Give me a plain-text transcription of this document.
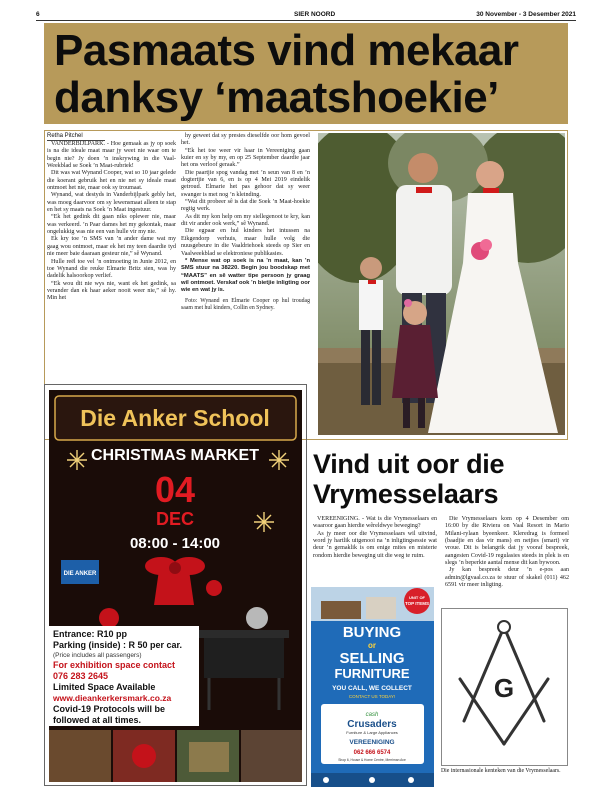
6	SIER NOORD	30 November - 3 Desember 2021
Pasmaats vind mekaar
danksy ‘maatshoekie’
Retha Pitchel

VANDERBIJLPARK. - Hoe gemaak as jy op soek is na die ideale maat maar jy weet nie waar om te begin nie? Jy doen ’n inskrywing in die Vaal-Weekblad se Soek ’n Maat-rubriek!

Dit was wat Wynand Cooper, wat so 10 jaar gelede die koerant gebruik het en nie net sy ideale maat ontmoet het nie, maar ook sy troumaat.

Wynand, wat destyds in Vanderbijlpark gebly het, was moeg daarvoor om sy lewensmaat alleen te stap en het sy maats na Soek ’n Maat ingestuur.

“Ek het gedink dit gaan niks oplewer nie, maar was verkeerd. ’n Paar dames het my gekontak, maar ongelukkig was nie een van hulle vir my nie.

Ek kry toe ’n SMS van ’n ander dame wat my gaag wou ontmoet, maar ek het my teen daardie tyd nie meer baie daaraan gesteur nie,” sê Wynand.

Hulle reël toe vel ’n ontmoeting in Junie 2012, en toe Wynand die reuke Elmarie Britz sien, was hy dadelik halsoorkop verlief.

“Ek wou dit nie wys nie, want ek het gedink, sa verander dan ek haar aeker nooit weer nie,” sê hy. Min het

hy geweet dat sy presies dieselfde oor hom gevoel het.

“Ek het toe weer vir haar in Vereeniging gaan kuier en sy by my, en op 25 September daardie jaar het ons verloof geraak.”

Die paartjie spog vandag met ’n seun van 8 en ’n dogtertjie van 6, en is op 4 Mei 2019 eindelik getroud. Elmarie het pas gehoor dat sy weer swanger is met nog ’n kleinding.

“Wat dit probeer sê is dat die Soek ’n Maat-hoekie regtig werk.

As dit my kon help om my siellegenoot te kry, kan dit vir ander ook werk,” sê Wynand.

Die egpaar en hul kinders het intussen na Eikgendorp verhuis, maar hulle volg die nuusgebeure in die Vaaldriehoek steeds op Sier en Vaalweekblad se elektroniese publikasies.

* Mense wat op soek is na ’n maat, kan ’n SMS stuur na 38220. Begin jou boodskap met “MAATS” en sê watter tipe persoon jy graag wil ontmoet. Verskaf ook ’n bietjie inligting oor wie en wat jy is.

Foto: Wynand en Elmarie Cooper op hul troudag saam met hul kinders, Collin en Sydney.

Die Anker School
CHRISTMAS MARKET
04
DEC
08:00 - 14:00
DIE ANKER
Entrance: R10 pp
Parking (inside) : R 50 per car.
(Price includes all passengers)
For exhibition space contact
076 283 2645
Limited Space Available
www.dieankerkersmark.co.za
Covid-19 Protocols will be
followed at all times.
Vind uit oor die
Vrymesselaars

VEREENIGING. - Wat is die Vrymesselaars en waaroor gaan hierdie wêreldwye beweging?

As jy meer oor die Vrymesselaars wil uitvind, word jy hartlik uitgenooi na ’n inligtingsessie wat deur ’n gemaklik is om enige mites en misterie rondom hierdie beweging uit die weg te ruim.

Die Vrymesselaars kom op 4 Desember om 16:00 by die Riviera on Vaal Resort in Mario Milani-rylaan byeenkeer. Kleredrag is formeel (baadjie en das vir mans) en netjies (smart) vir vroue. Dit is belangrik dat jy vooraf bespreek, aangesien Covid-19 regulasies steeds in plek is en slegs ’n beperkte aantal mense dit kan bywoon.

Jy kan bespreek deur ’n e-pos aan admin@lgvaal.co.za te stuur of skakel (011) 462 6591 vir meer inligting.

UNIT OF
TOP ITEMS
BUYING
or
SELLING
FURNITURE
YOU CALL, WE COLLECT
CONTACT US TODAY!
cash
Crusaders
Furniture & Large Appliances
VEREENIGING
062 666 6574
Shop 6, House & Home Centre, Merriman Ave
G
Die internasionale kenteken van die Vrymesselaars.
